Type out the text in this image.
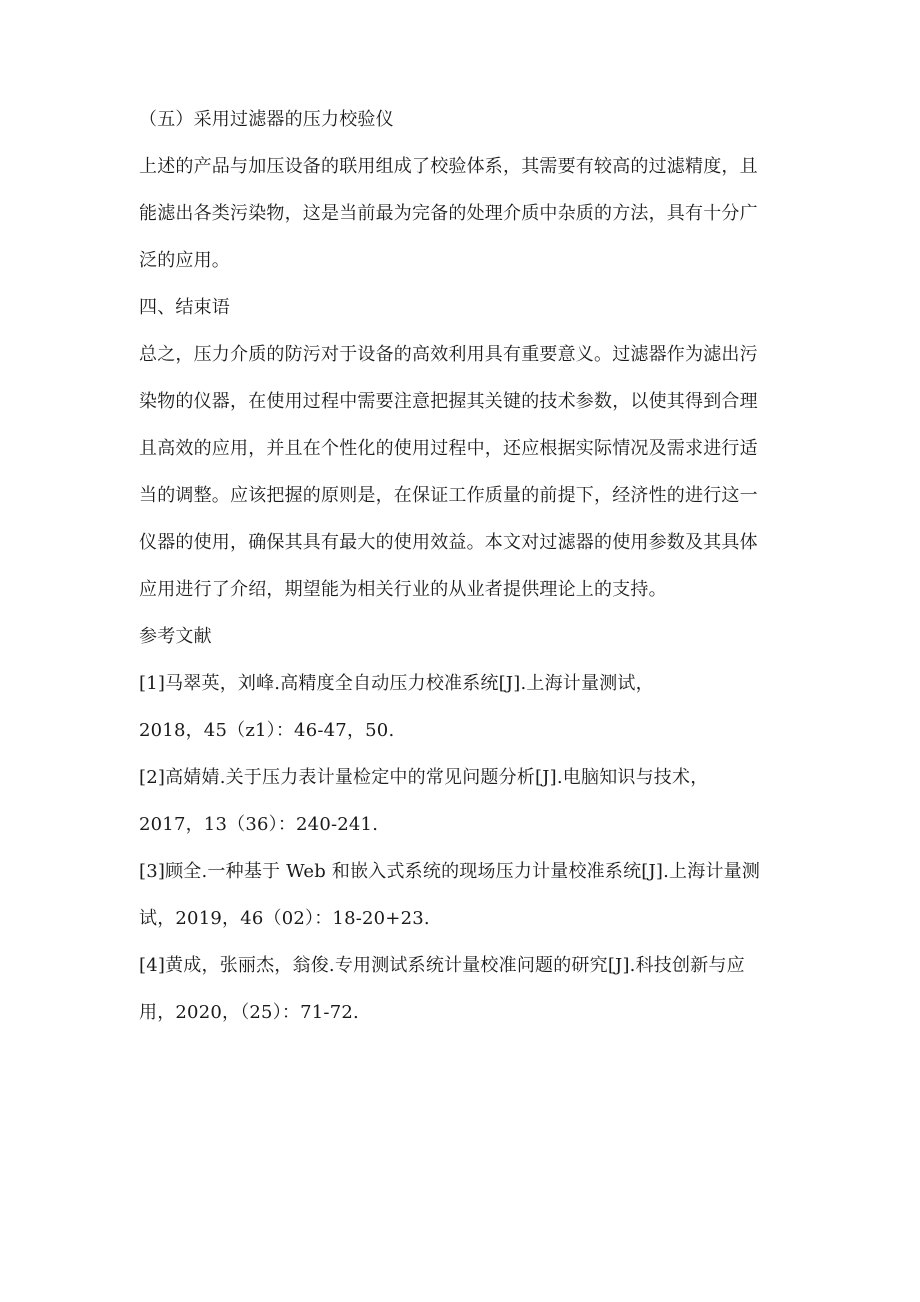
（五）采用过滤器的压力校验仪
上述的产品与加压设备的联用组成了校验体系，其需要有较高的过滤精度，且
能滤出各类污染物，这是当前最为完备的处理介质中杂质的方法，具有十分广
泛的应用。
四、结束语
总之，压力介质的防污对于设备的高效利用具有重要意义。过滤器作为滤出污
染物的仪器，在使用过程中需要注意把握其关键的技术参数，以使其得到合理
且高效的应用，并且在个性化的使用过程中，还应根据实际情况及需求进行适
当的调整。应该把握的原则是，在保证工作质量的前提下，经济性的进行这一
仪器的使用，确保其具有最大的使用效益。本文对过滤器的使用参数及其具体
应用进行了介绍，期望能为相关行业的从业者提供理论上的支持。
参考文献
[1]马翠英，刘峰.高精度全自动压力校准系统[J].上海计量测试，
2018，45（z1）：46-47，50.
[2]高婧婧.关于压力表计量检定中的常见问题分析[J].电脑知识与技术，
2017，13（36）：240-241.
[3]顾全.一种基于 Web 和嵌入式系统的现场压力计量校准系统[J].上海计量测
试，2019，46（02）：18-20+23.
[4]黄成，张丽杰，翁俊.专用测试系统计量校准问题的研究[J].科技创新与应
用，2020，（25）：71-72.
